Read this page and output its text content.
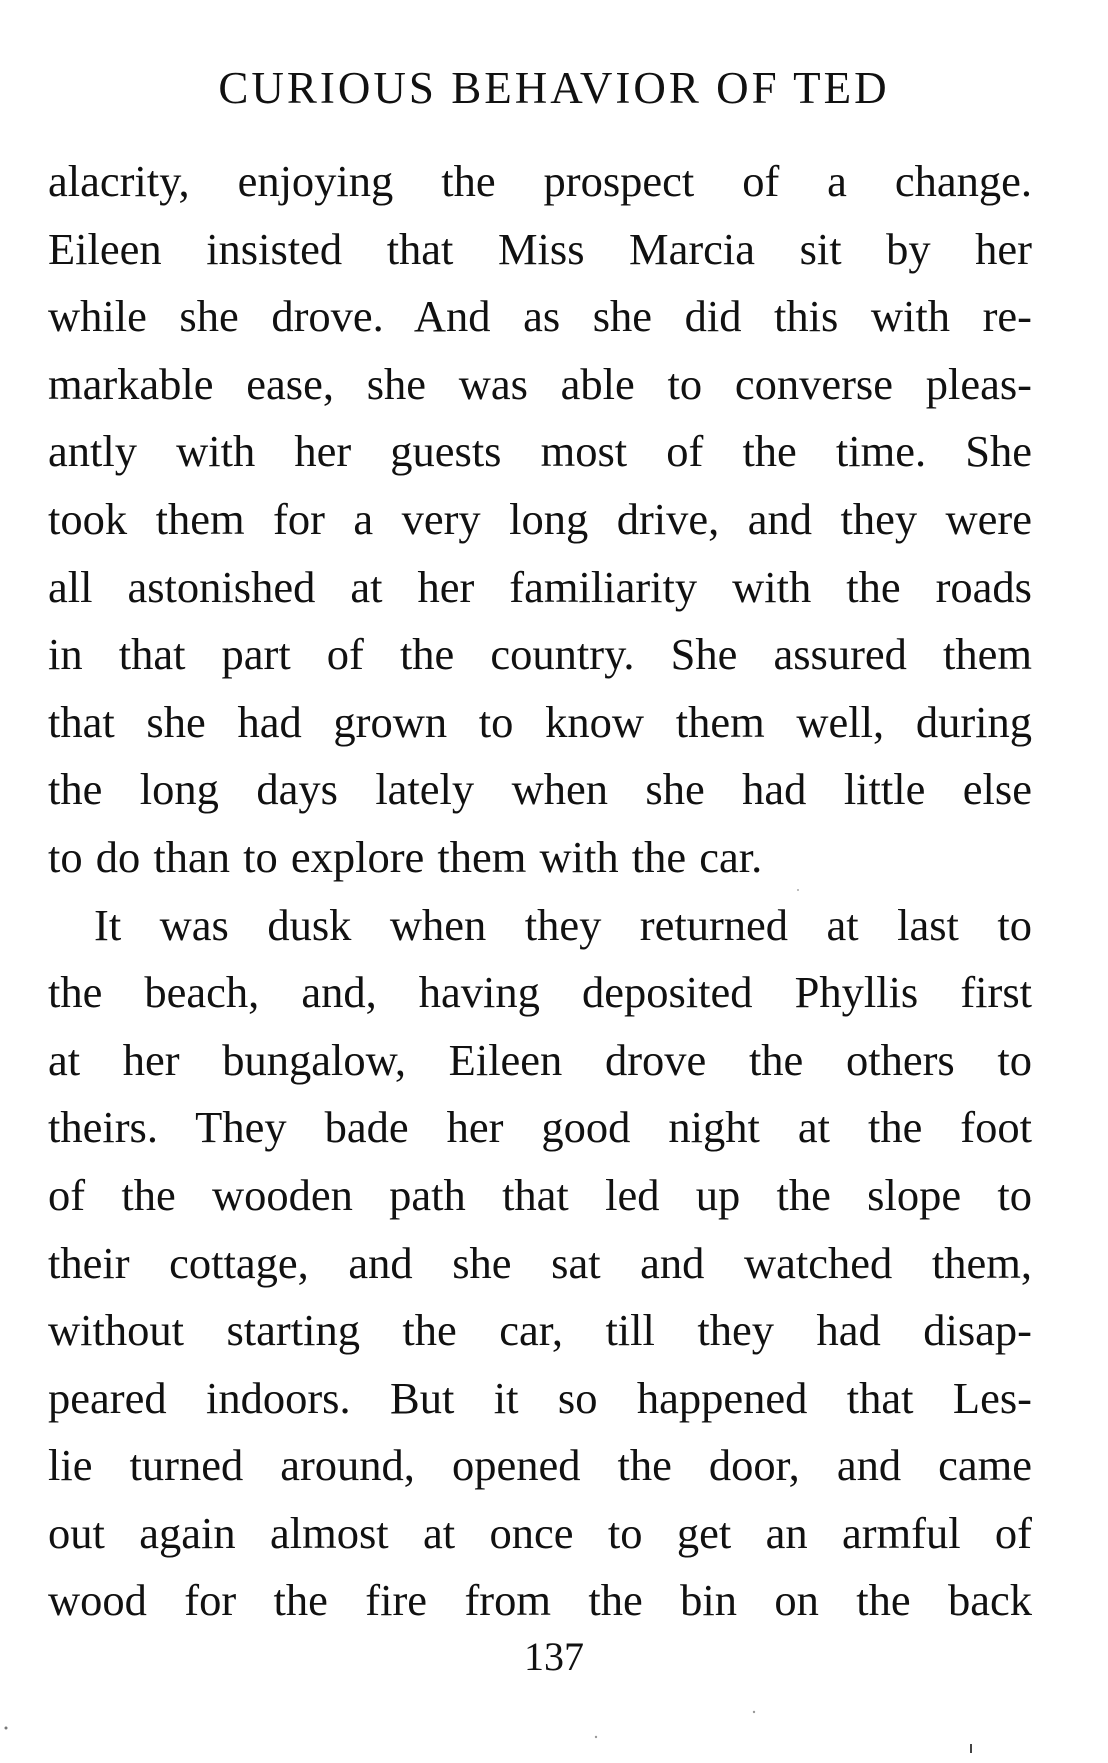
CURIOUS BEHAVIOR OF TED
alacrity, enjoying the prospect of a change.
Eileen insisted that Miss Marcia sit by her
while she drove. And as she did this with re-
markable ease, she was able to converse pleas-
antly with her guests most of the time. She
took them for a very long drive, and they were
all astonished at her familiarity with the roads
in that part of the country. She assured them
that she had grown to know them well, during
the long days lately when she had little else
to do than to explore them with the car.
It was dusk when they returned at last to
the beach, and, having deposited Phyllis first
at her bungalow, Eileen drove the others to
theirs. They bade her good night at the foot
of the wooden path that led up the slope to
their cottage, and she sat and watched them,
without starting the car, till they had disap-
peared indoors. But it so happened that Les-
lie turned around, opened the door, and came
out again almost at once to get an armful of
wood for the fire from the bin on the back
137
